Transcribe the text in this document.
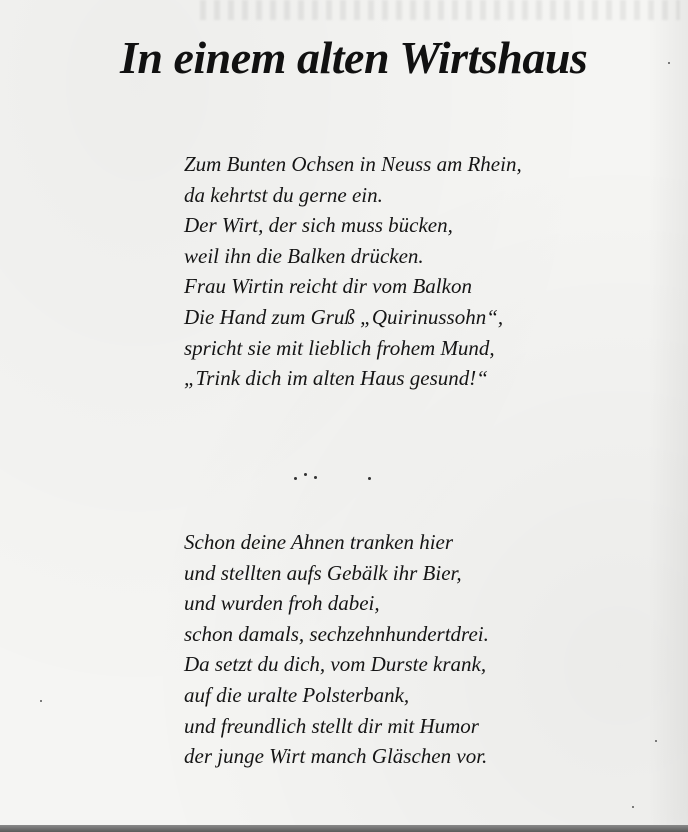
In einem alten Wirtshaus
Zum Bunten Ochsen in Neuss am Rhein,
da kehrtst du gerne ein.
Der Wirt, der sich muss bücken,
weil ihn die Balken drücken.
Frau Wirtin reicht dir vom Balkon
Die Hand zum Gruß „Quirinussohn“,
spricht sie mit lieblich frohem Mund,
„Trink dich im alten Haus gesund!“
Schon deine Ahnen tranken hier
und stellten aufs Gebälk ihr Bier,
und wurden froh dabei,
schon damals, sechzehnhundertdrei.
Da setzt du dich, vom Durste krank,
auf die uralte Polsterbank,
und freundlich stellt dir mit Humor
der junge Wirt manch Gläschen vor.
